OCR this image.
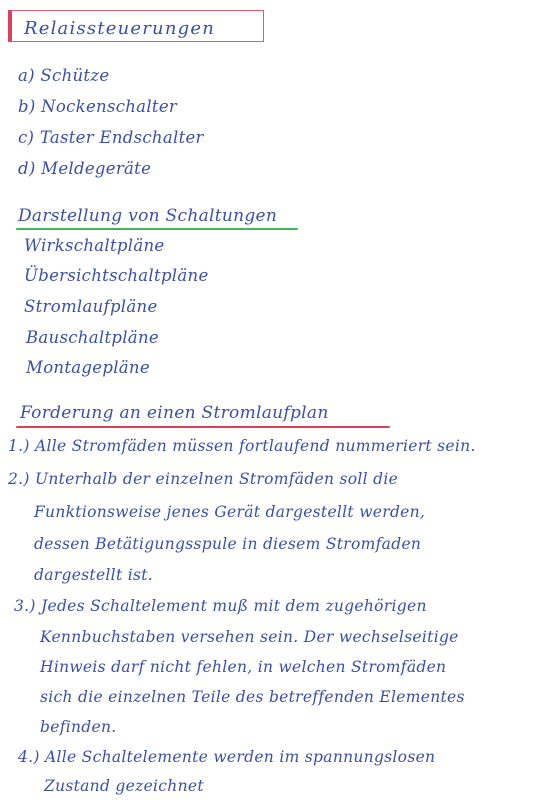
Relaissteuerungen
a) Schütze
b) Nockenschalter
c) Taster Endschalter
d) Meldegeräte
Darstellung von Schaltungen
Wirkschaltpläne
Übersichtschaltpläne
Stromlaufpläne
Bauschaltpläne
Montagepläne
Forderung an einen Stromlaufplan
1.) Alle Stromfäden müssen fortlaufend nummeriert sein.
2.) Unterhalb der einzelnen Stromfäden soll die
Funktionsweise jenes Gerät dargestellt werden,
dessen Betätigungsspule in diesem Stromfaden
dargestellt ist.
3.) Jedes Schaltelement muß mit dem zugehörigen
Kennbuchstaben versehen sein. Der wechselseitige
Hinweis darf nicht fehlen, in welchen Stromfäden
sich die einzelnen Teile des betreffenden Elementes
befinden.
4.) Alle Schaltelemente werden im spannungslosen
Zustand gezeichnet
